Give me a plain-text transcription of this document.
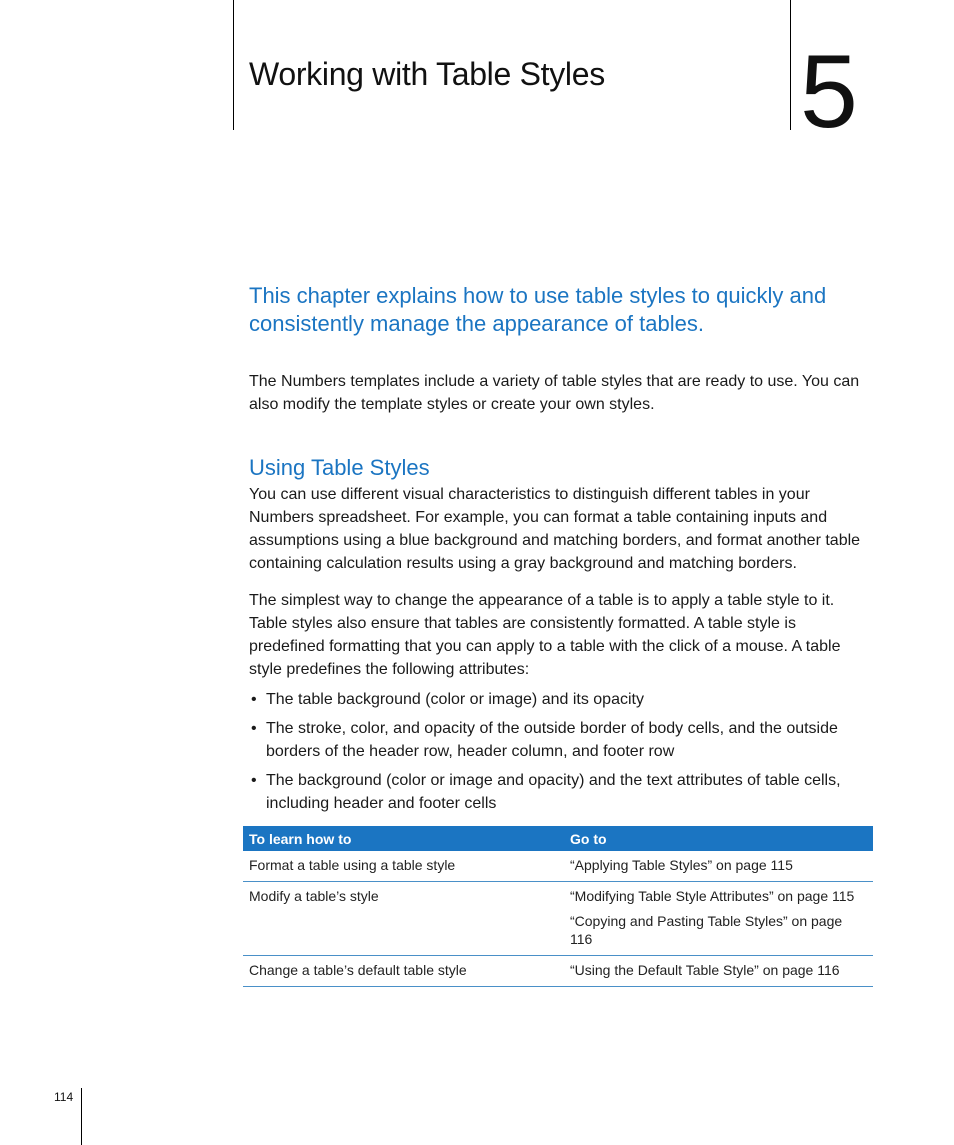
Working with Table Styles 5

This chapter explains how to use table styles to quickly and consistently manage the appearance of tables.

The Numbers templates include a variety of table styles that are ready to use. You can also modify the template styles or create your own styles.

Using Table Styles

You can use different visual characteristics to distinguish different tables in your Numbers spreadsheet. For example, you can format a table containing inputs and assumptions using a blue background and matching borders, and format another table containing calculation results using a gray background and matching borders.

The simplest way to change the appearance of a table is to apply a table style to it. Table styles also ensure that tables are consistently formatted. A table style is predefined formatting that you can apply to a table with the click of a mouse. A table style predefines the following attributes:

• The table background (color or image) and its opacity
• The stroke, color, and opacity of the outside border of body cells, and the outside borders of the header row, header column, and footer row
• The background (color or image and opacity) and the text attributes of table cells, including header and footer cells
To learn how to	Go to
Format a table using a table style	“Applying Table Styles” on page 115

Modify a table’s style	“Modifying Table Style Attributes” on page 115
“Copying and Pasting Table Styles” on page 116

Change a table’s default table style	“Using the Default Table Style” on page 116
114
